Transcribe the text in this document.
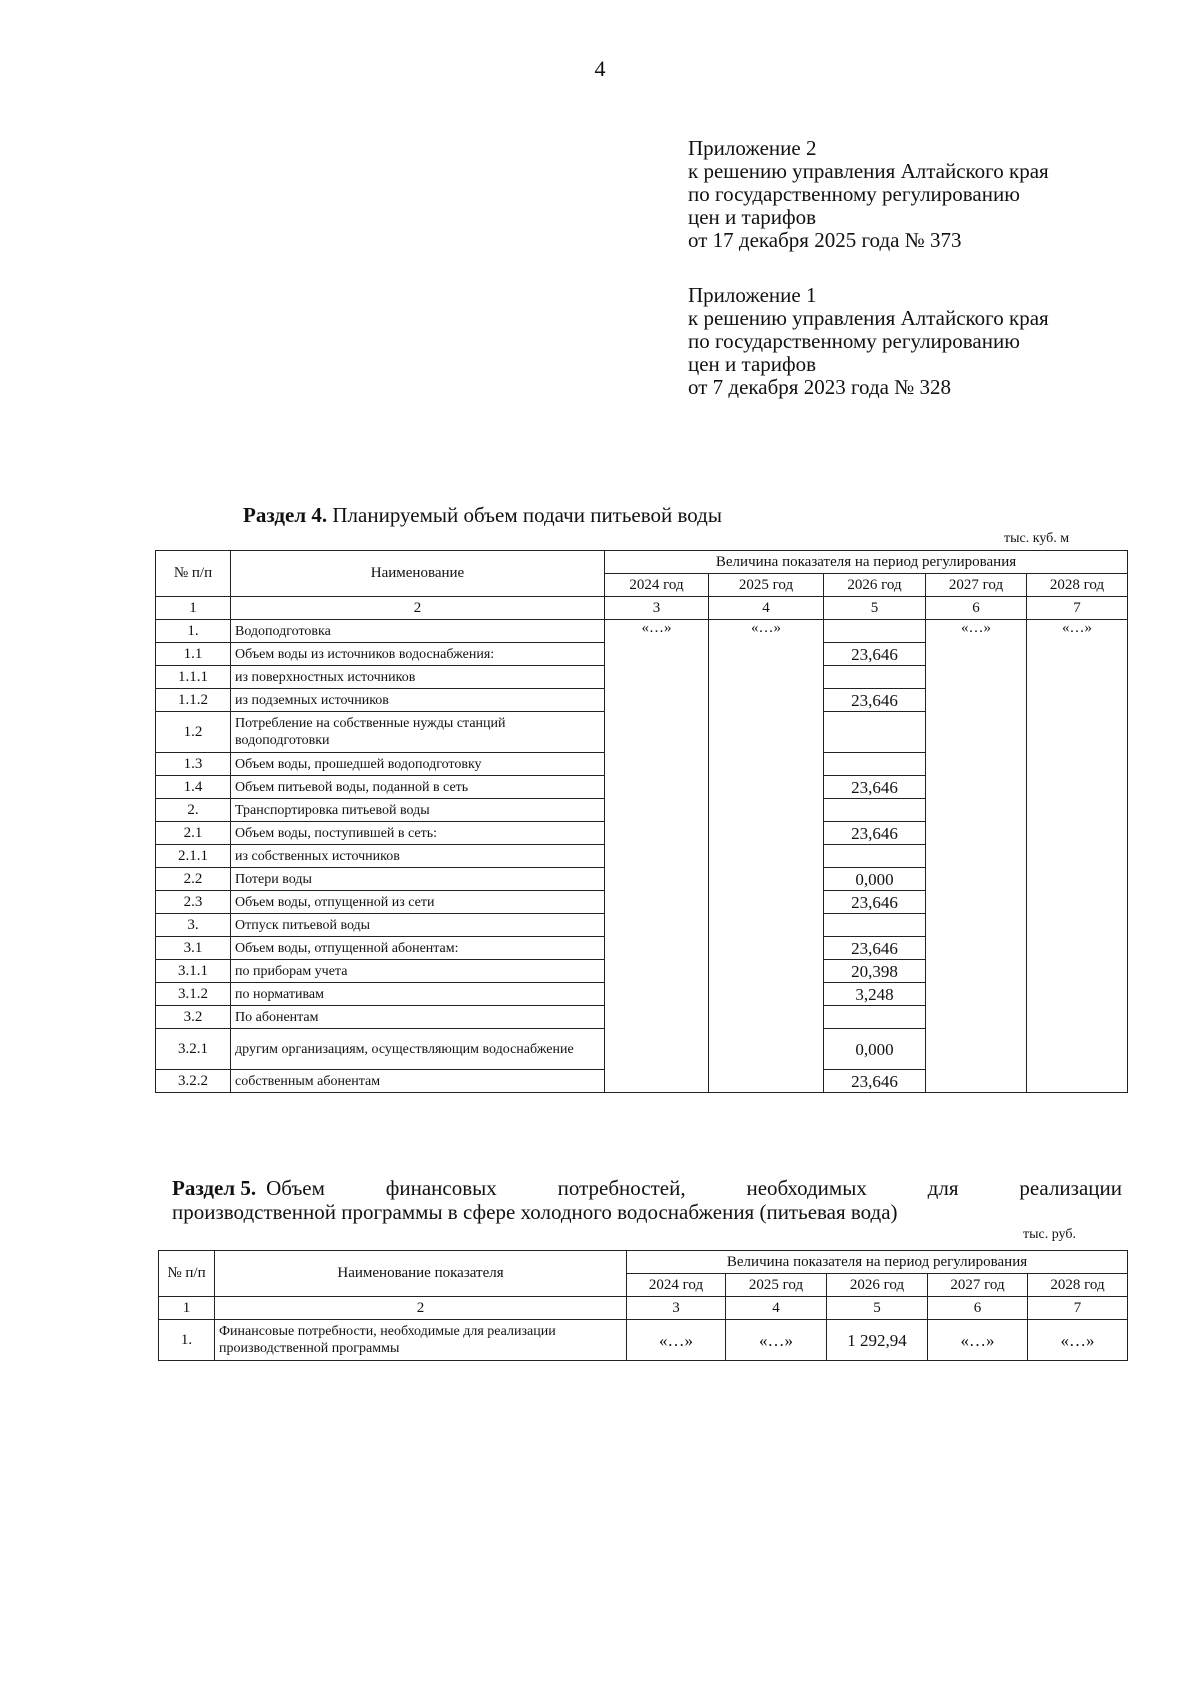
4
Приложение 2
к решению управления Алтайского края
по государственному регулированию
цен и тарифов
от 17 декабря 2025 года № 373
Приложение 1
к решению управления Алтайского края
по государственному регулированию
цен и тарифов
от 7 декабря 2023 года № 328
Раздел 4. Планируемый объем подачи питьевой воды
тыс. куб. м
№ п/п	Наименование	Величина показателя на период регулирования				
		2024 год	2025 год	2026 год	2027 год	2028 год
1	2	3	4	5	6	7
1.	Водоподготовка	«…»	«…»		«…»	«…»
1.1	Объем воды из источников водоснабжения:			23,646		
1.1.1	из поверхностных источников					
1.1.2	из подземных источников			23,646		
1.2	Потребление на собственные нужды станций водоподготовки					
1.3	Объем воды, прошедшей водоподготовку					
1.4	Объем питьевой воды, поданной в сеть			23,646		
2.	Транспортировка питьевой воды					
2.1	Объем воды, поступившей в сеть:			23,646		
2.1.1	из собственных источников					
2.2	Потери воды			0,000		
2.3	Объем воды, отпущенной из сети			23,646		
3.	Отпуск питьевой воды					
3.1	Объем воды, отпущенной абонентам:			23,646		
3.1.1	по приборам учета			20,398		
3.1.2	по нормативам			3,248		
3.2	По абонентам					
3.2.1	другим организациям, осуществляющим водоснабжение			0,000		
3.2.2	собственным абонентам			23,646		
Раздел 5. Объем финансовых потребностей, необходимых для реализации
производственной программы в сфере холодного водоснабжения (питьевая вода)
тыс. руб.
№ п/п	Наименование показателя	Величина показателя на период регулирования				
		2024 год	2025 год	2026 год	2027 год	2028 год
1	2	3	4	5	6	7
1.	Финансовые потребности, необходимые для реализации производственной программы	«…»	«…»	1 292,94	«…»	«…»
